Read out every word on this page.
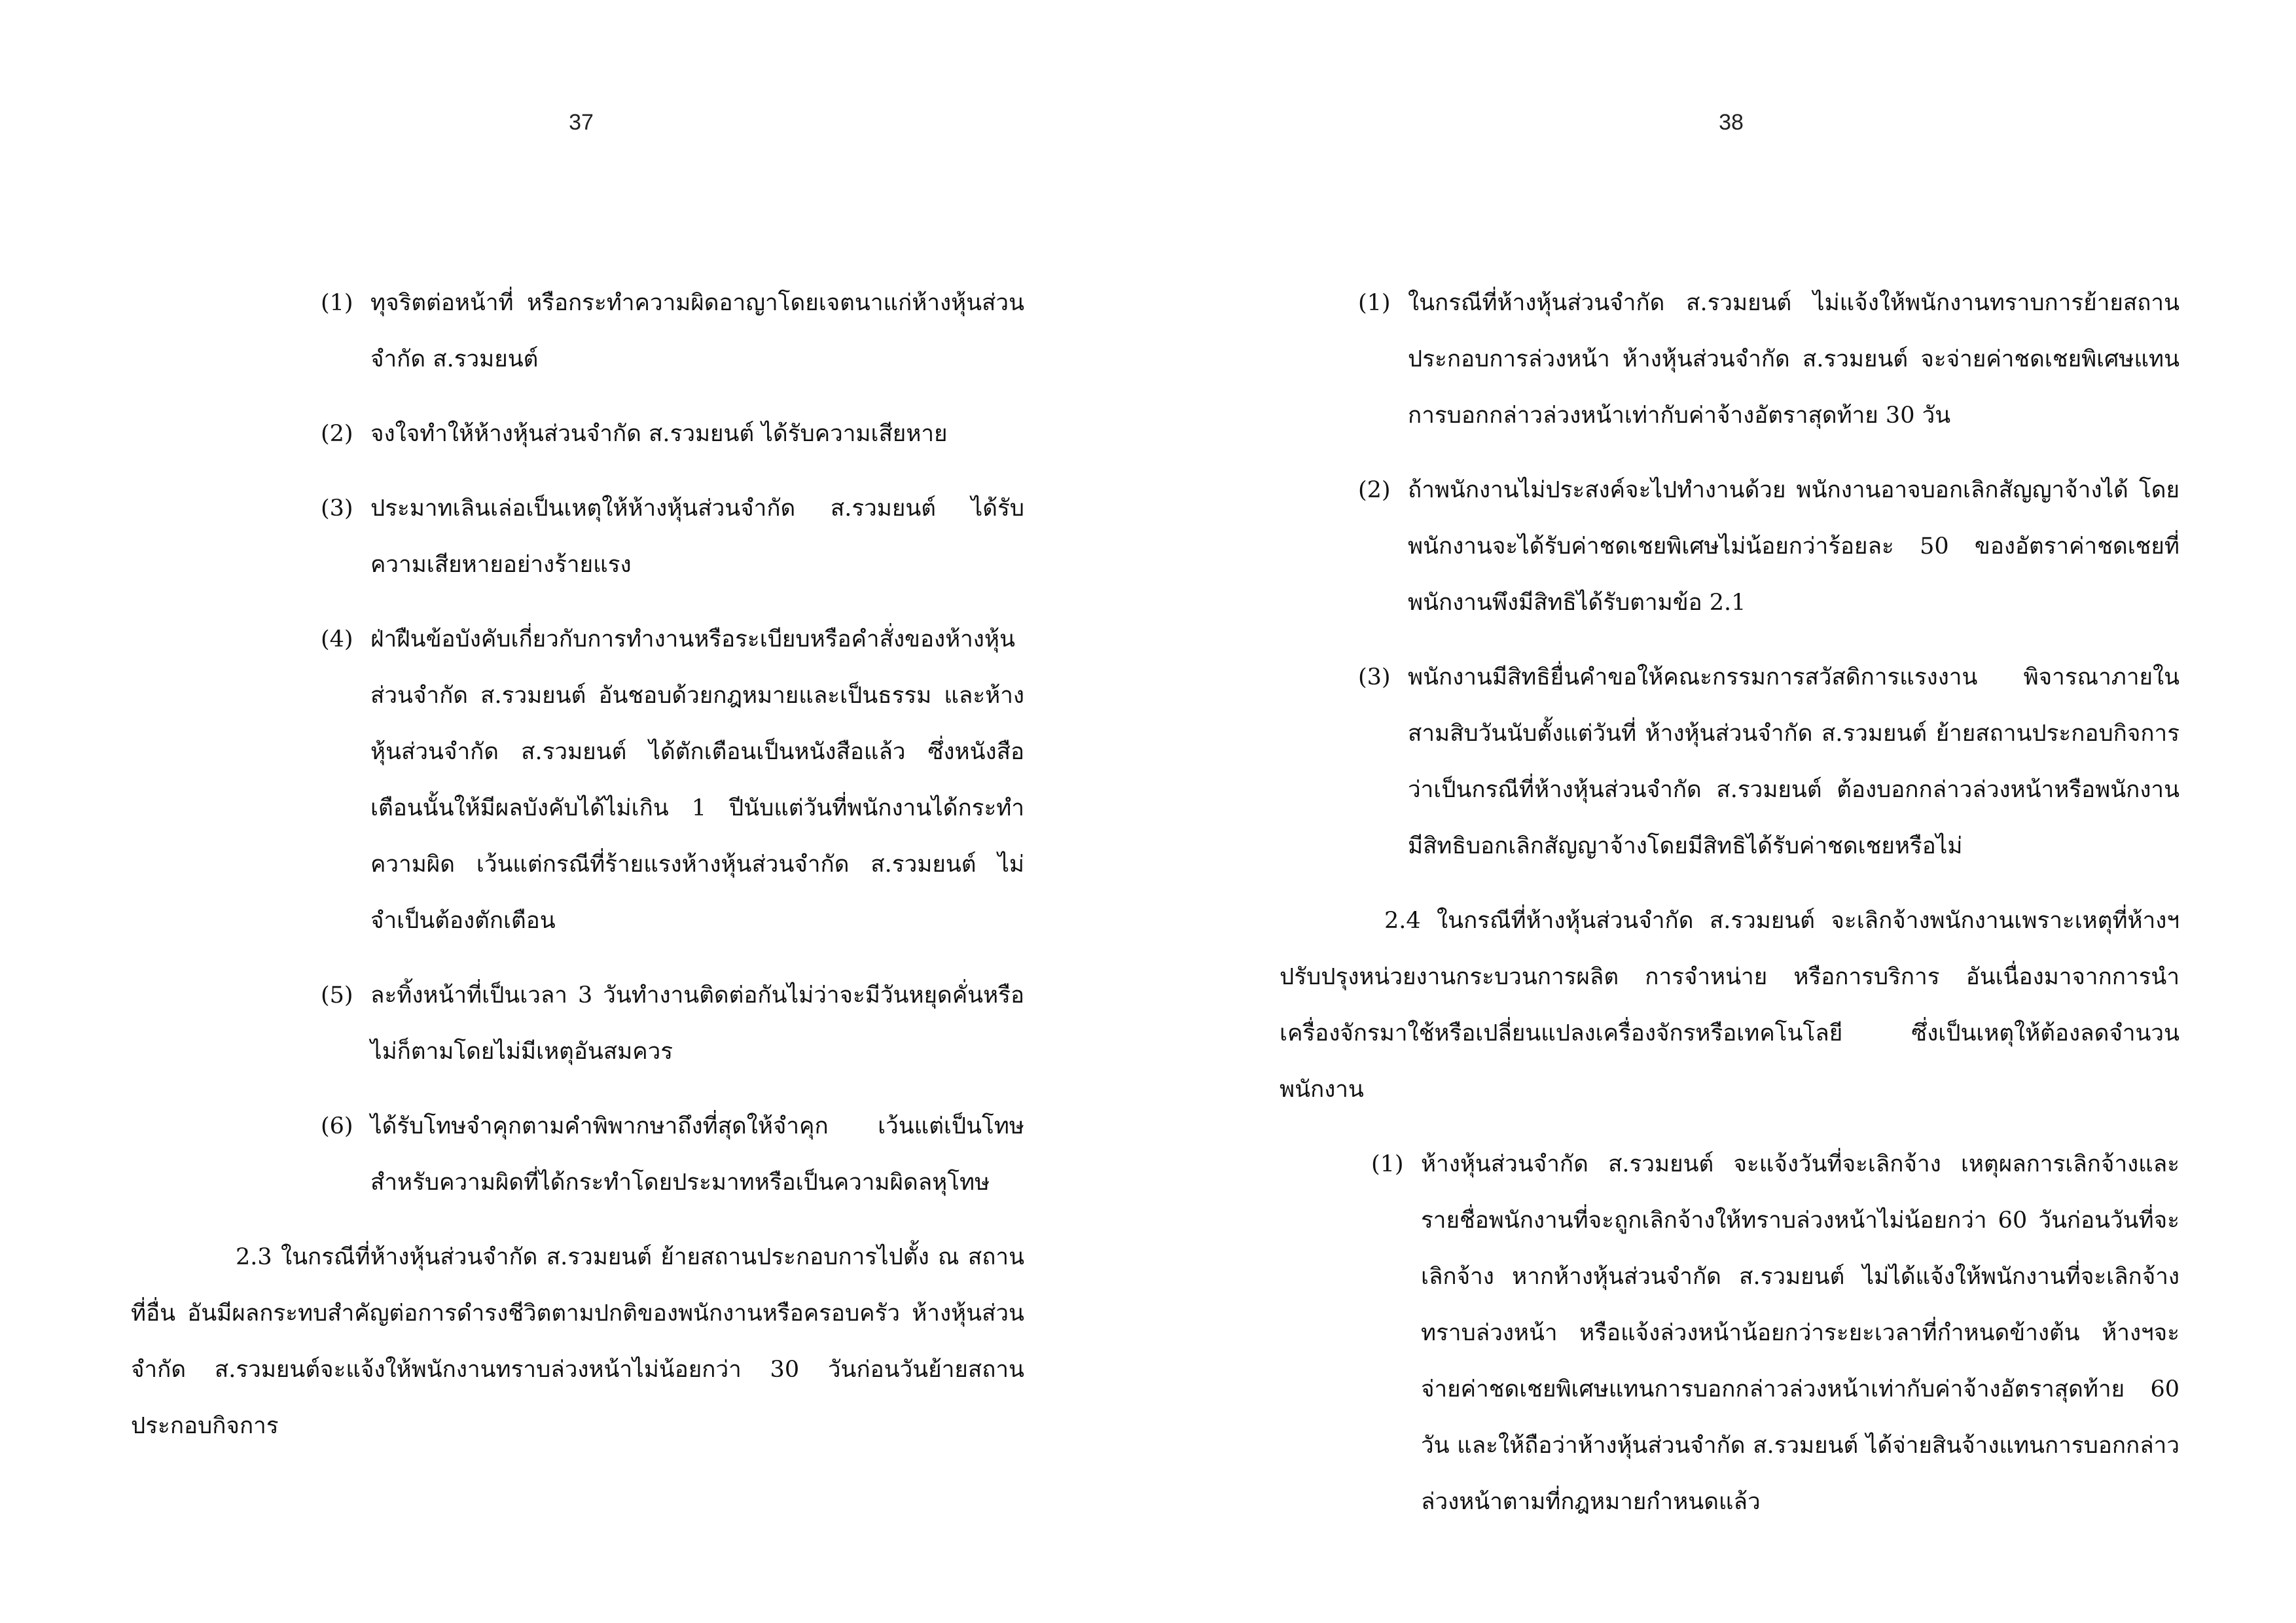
37	38
(1) ทุจริตต่อหน้าที่ หรือกระทำความผิดอาญาโดยเจตนาแก่ห้างหุ้นส่วนจำกัด ส.รวมยนต์
(2) จงใจทำให้ห้างหุ้นส่วนจำกัด ส.รวมยนต์ ได้รับความเสียหาย
(3) ประมาทเลินเล่อเป็นเหตุให้ห้างหุ้นส่วนจำกัด ส.รวมยนต์ ได้รับความเสียหายอย่างร้ายแรง
(4) ฝ่าฝืนข้อบังคับเกี่ยวกับการทำงานหรือระเบียบหรือคำสั่งของห้างหุ้นส่วนจำกัด ส.รวมยนต์ อันชอบด้วยกฎหมายและเป็นธรรม และห้างหุ้นส่วนจำกัด ส.รวมยนต์ ได้ตักเตือนเป็นหนังสือแล้ว ซึ่งหนังสือเตือนนั้นให้มีผลบังคับได้ไม่เกิน 1 ปีนับแต่วันที่พนักงานได้กระทำความผิด เว้นแต่กรณีที่ร้ายแรงห้างหุ้นส่วนจำกัด ส.รวมยนต์ ไม่จำเป็นต้องตักเตือน
(5) ละทิ้งหน้าที่เป็นเวลา 3 วันทำงานติดต่อกันไม่ว่าจะมีวันหยุดคั่นหรือไม่ก็ตามโดยไม่มีเหตุอันสมควร
(6) ได้รับโทษจำคุกตามคำพิพากษาถึงที่สุดให้จำคุก เว้นแต่เป็นโทษสำหรับความผิดที่ได้กระทำโดยประมาทหรือเป็นความผิดลหุโทษ

2.3 ในกรณีที่ห้างหุ้นส่วนจำกัด ส.รวมยนต์ ย้ายสถานประกอบการไปตั้ง ณ สถานที่อื่น อันมีผลกระทบสำคัญต่อการดำรงชีวิตตามปกติของพนักงานหรือครอบครัว ห้างหุ้นส่วนจำกัด ส.รวมยนต์จะแจ้งให้พนักงานทราบล่วงหน้าไม่น้อยกว่า 30 วันก่อนวันย้ายสถานประกอบกิจการ

(1) ในกรณีที่ห้างหุ้นส่วนจำกัด ส.รวมยนต์ ไม่แจ้งให้พนักงานทราบการย้ายสถานประกอบการล่วงหน้า ห้างหุ้นส่วนจำกัด ส.รวมยนต์ จะจ่ายค่าชดเชยพิเศษแทนการบอกกล่าวล่วงหน้าเท่ากับค่าจ้างอัตราสุดท้าย 30 วัน
(2) ถ้าพนักงานไม่ประสงค์จะไปทำงานด้วย พนักงานอาจบอกเลิกสัญญาจ้างได้ โดยพนักงานจะได้รับค่าชดเชยพิเศษไม่น้อยกว่าร้อยละ 50 ของอัตราค่าชดเชยที่พนักงานพึงมีสิทธิได้รับตามข้อ 2.1
(3) พนักงานมีสิทธิยื่นคำขอให้คณะกรรมการสวัสดิการแรงงาน พิจารณาภายในสามสิบวันนับตั้งแต่วันที่ ห้างหุ้นส่วนจำกัด ส.รวมยนต์ ย้ายสถานประกอบกิจการว่าเป็นกรณีที่ห้างหุ้นส่วนจำกัด ส.รวมยนต์ ต้องบอกกล่าวล่วงหน้าหรือพนักงานมีสิทธิบอกเลิกสัญญาจ้างโดยมีสิทธิได้รับค่าชดเชยหรือไม่

2.4 ในกรณีที่ห้างหุ้นส่วนจำกัด ส.รวมยนต์ จะเลิกจ้างพนักงานเพราะเหตุที่ห้างฯปรับปรุงหน่วยงานกระบวนการผลิต การจำหน่าย หรือการบริการ อันเนื่องมาจากการนำเครื่องจักรมาใช้หรือเปลี่ยนแปลงเครื่องจักรหรือเทคโนโลยี ซึ่งเป็นเหตุให้ต้องลดจำนวนพนักงาน

(1) ห้างหุ้นส่วนจำกัด ส.รวมยนต์ จะแจ้งวันที่จะเลิกจ้าง เหตุผลการเลิกจ้างและรายชื่อพนักงานที่จะถูกเลิกจ้างให้ทราบล่วงหน้าไม่น้อยกว่า 60 วันก่อนวันที่จะเลิกจ้าง หากห้างหุ้นส่วนจำกัด ส.รวมยนต์ ไม่ได้แจ้งให้พนักงานที่จะเลิกจ้างทราบล่วงหน้า หรือแจ้งล่วงหน้าน้อยกว่าระยะเวลาที่กำหนดข้างต้น ห้างฯจะจ่ายค่าชดเชยพิเศษแทนการบอกกล่าวล่วงหน้าเท่ากับค่าจ้างอัตราสุดท้าย 60 วัน และให้ถือว่าห้างหุ้นส่วนจำกัด ส.รวมยนต์ ได้จ่ายสินจ้างแทนการบอกกล่าวล่วงหน้าตามที่กฎหมายกำหนดแล้ว
